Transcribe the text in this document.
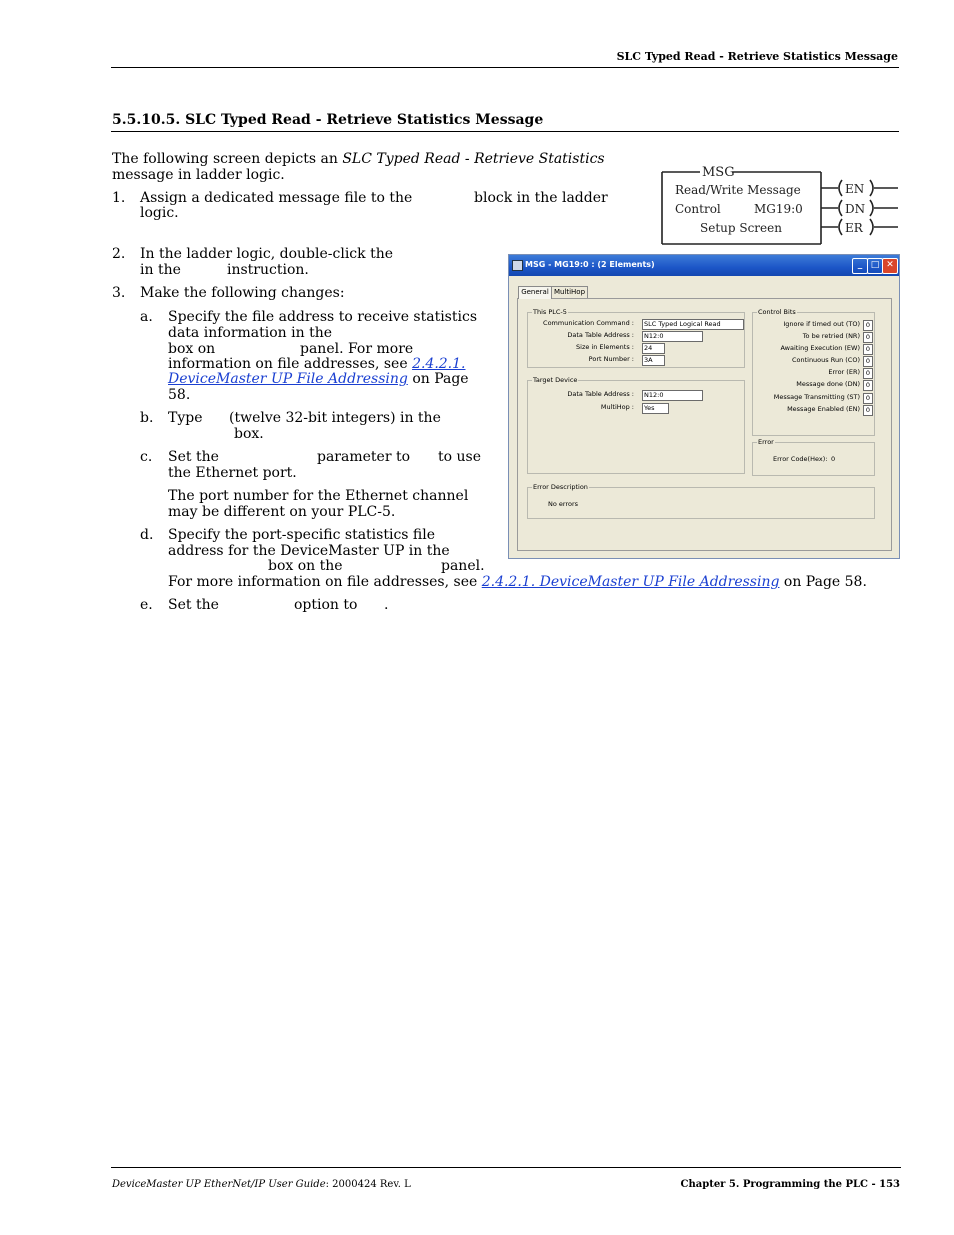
SLC Typed Read - Retrieve Statistics Message
5.5.10.5. SLC Typed Read - Retrieve Statistics Message
The following screen depicts an SLC Typed Read - Retrieve Statistics
message in ladder logic.
1. Assign a dedicated message file to the	block in the ladder
logic.
2. In the ladder logic, double-click the
in the	instruction.
3. Make the following changes:
a. Specify the file address to receive statistics
data information in the
box on	panel. For more
information on file addresses, see 2.4.2.1.
DeviceMaster UP File Addressing on Page
58.
b. Type (twelve 32-bit integers) in the
box.
c. Set the	parameter to to use
the Ethernet port.
The port number for the Ethernet channel
may be different on your PLC-5.
d. Specify the port-specific statistics file
address for the DeviceMaster UP in the
box on the	panel.
For more information on file addresses, see 2.4.2.1. DeviceMaster UP File Addressing on Page 58.
e. Set the	option to .
MSG
Read/Write Message
Control	MG19:0
Setup Screen
EN
DN
ER
MSG - MG19:0 : (2 Elements)	_ □ ✕
General MultiHop
This PLC-5
Communication Command :	SLC Typed Logical Read
Data Table Address :	N12:0
Size in Elements :	24
Port Number :	3A
Target Device
Data Table Address :	N12:0
MultiHop :	Yes
Control Bits
Ignore if timed out (TO) 0
To be retried (NR) 0
Awaiting Execution (EW) 0
Continuous Run (CO) 0
Error (ER) 0
Message done (DN) 0
Message Transmitting (ST) 0
Message Enabled (EN) 0
Error
Error Code(Hex): 0
Error Description
No errors
DeviceMaster UP EtherNet/IP User Guide: 2000424 Rev. L	Chapter 5. Programming the PLC - 153
